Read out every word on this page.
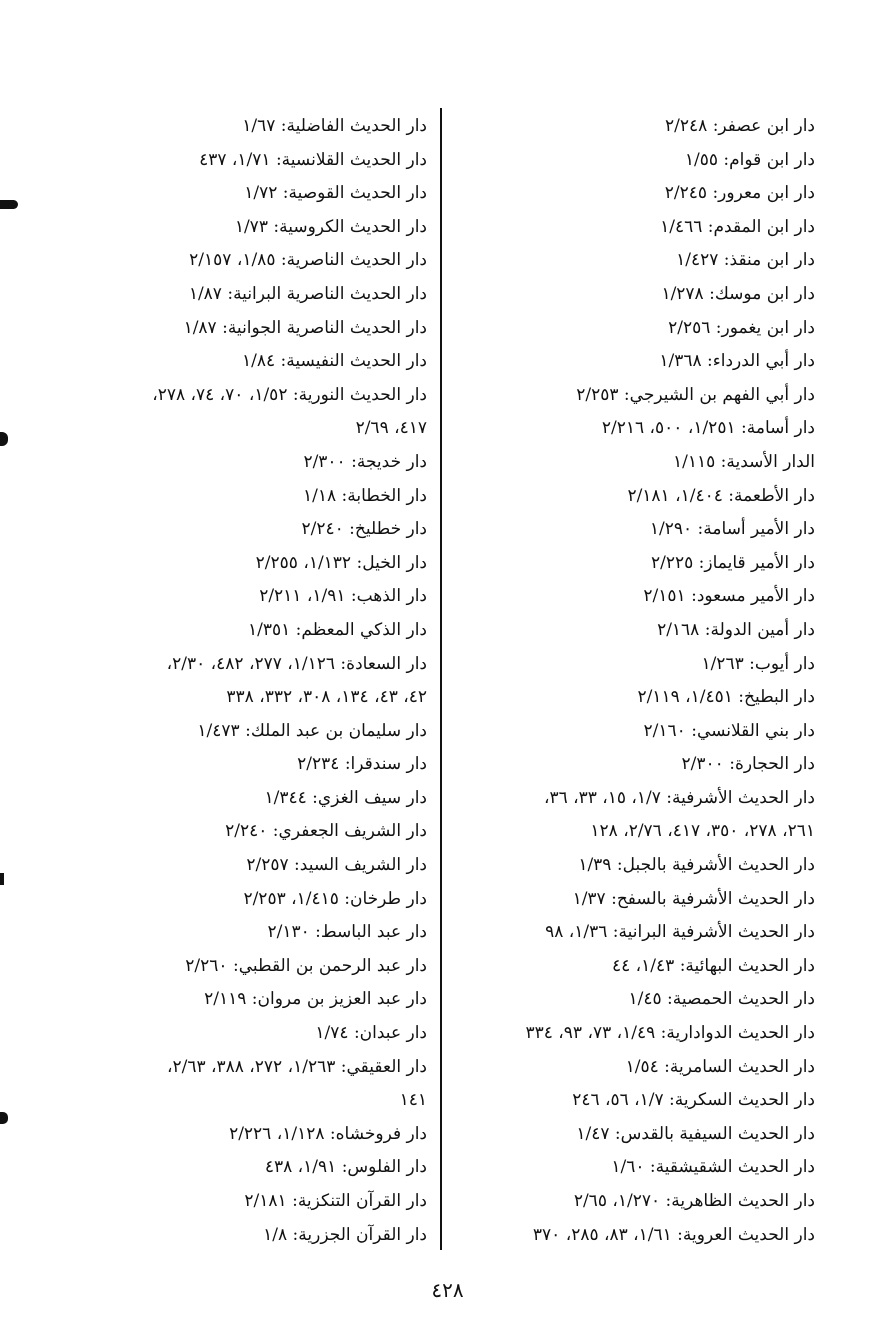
دار ابن عصفر: ٢/٢٤٨
دار ابن قوام: ١/٥٥
دار ابن معرور: ٢/٢٤٥
دار ابن المقدم: ١/٤٦٦
دار ابن منقذ: ١/٤٢٧
دار ابن موسك: ١/٢٧٨
دار ابن يغمور: ٢/٢٥٦
دار أبي الدرداء: ١/٣٦٨
دار أبي الفهم بن الشيرجي: ٢/٢٥٣
دار أسامة: ١/٢٥١، ٥٠٠، ٢/٢١٦
الدار الأسدية: ١/١١٥
دار الأطعمة: ١/٤٠٤، ٢/١٨١
دار الأمير أسامة: ١/٢٩٠
دار الأمير قايماز: ٢/٢٢٥
دار الأمير مسعود: ٢/١٥١
دار أمين الدولة: ٢/١٦٨
دار أيوب: ١/٢٦٣
دار البطيخ: ١/٤٥١، ٢/١١٩
دار بني القلانسي: ٢/١٦٠
دار الحجارة: ٢/٣٠٠
دار الحديث الأشرفية: ١/٧، ١٥، ٣٣، ٣٦،
٢٦١، ٢٧٨، ٣٥٠، ٤١٧، ٢/٧٦، ١٢٨
دار الحديث الأشرفية بالجبل: ١/٣٩
دار الحديث الأشرفية بالسفح: ١/٣٧
دار الحديث الأشرفية البرانية: ١/٣٦، ٩٨
دار الحديث البهائية: ١/٤٣، ٤٤
دار الحديث الحمصية: ١/٤٥
دار الحديث الدوادارية: ١/٤٩، ٧٣، ٩٣، ٣٣٤
دار الحديث السامرية: ١/٥٤
دار الحديث السكرية: ١/٧، ٥٦، ٢٤٦
دار الحديث السيفية بالقدس: ١/٤٧
دار الحديث الشقيشقية: ١/٦٠
دار الحديث الظاهرية: ١/٢٧٠، ٢/٦٥
دار الحديث العروية: ١/٦١، ٨٣، ٢٨٥، ٣٧٠
دار الحديث الفاضلية: ١/٦٧
دار الحديث القلانسية: ١/٧١، ٤٣٧
دار الحديث القوصية: ١/٧٢
دار الحديث الكروسية: ١/٧٣
دار الحديث الناصرية: ١/٨٥، ٢/١٥٧
دار الحديث الناصرية البرانية: ١/٨٧
دار الحديث الناصرية الجوانية: ١/٨٧
دار الحديث النفيسية: ١/٨٤
دار الحديث النورية: ١/٥٢، ٧٠، ٧٤، ٢٧٨،
٤١٧، ٢/٦٩
دار خديجة: ٢/٣٠٠
دار الخطابة: ١/١٨
دار خطليخ: ٢/٢٤٠
دار الخيل: ١/١٣٢، ٢/٢٥٥
دار الذهب: ١/٩١، ٢/٢١١
دار الذكي المعظم: ١/٣٥١
دار السعادة: ١/١٢٦، ٢٧٧، ٤٨٢، ٢/٣٠،
٤٢، ٤٣، ١٣٤، ٣٠٨، ٣٣٢، ٣٣٨
دار سليمان بن عبد الملك: ١/٤٧٣
دار سندقرا: ٢/٢٣٤
دار سيف الغزي: ١/٣٤٤
دار الشريف الجعفري: ٢/٢٤٠
دار الشريف السيد: ٢/٢٥٧
دار طرخان: ١/٤١٥، ٢/٢٥٣
دار عبد الباسط: ٢/١٣٠
دار عبد الرحمن بن القطبي: ٢/٢٦٠
دار عبد العزيز بن مروان: ٢/١١٩
دار عبدان: ١/٧٤
دار العقيقي: ١/٢٦٣، ٢٧٢، ٣٨٨، ٢/٦٣،
١٤١
دار فروخشاه: ١/١٢٨، ٢/٢٢٦
دار الفلوس: ١/٩١، ٤٣٨
دار القرآن التنكزية: ٢/١٨١
دار القرآن الجزرية: ١/٨
٤٢٨
